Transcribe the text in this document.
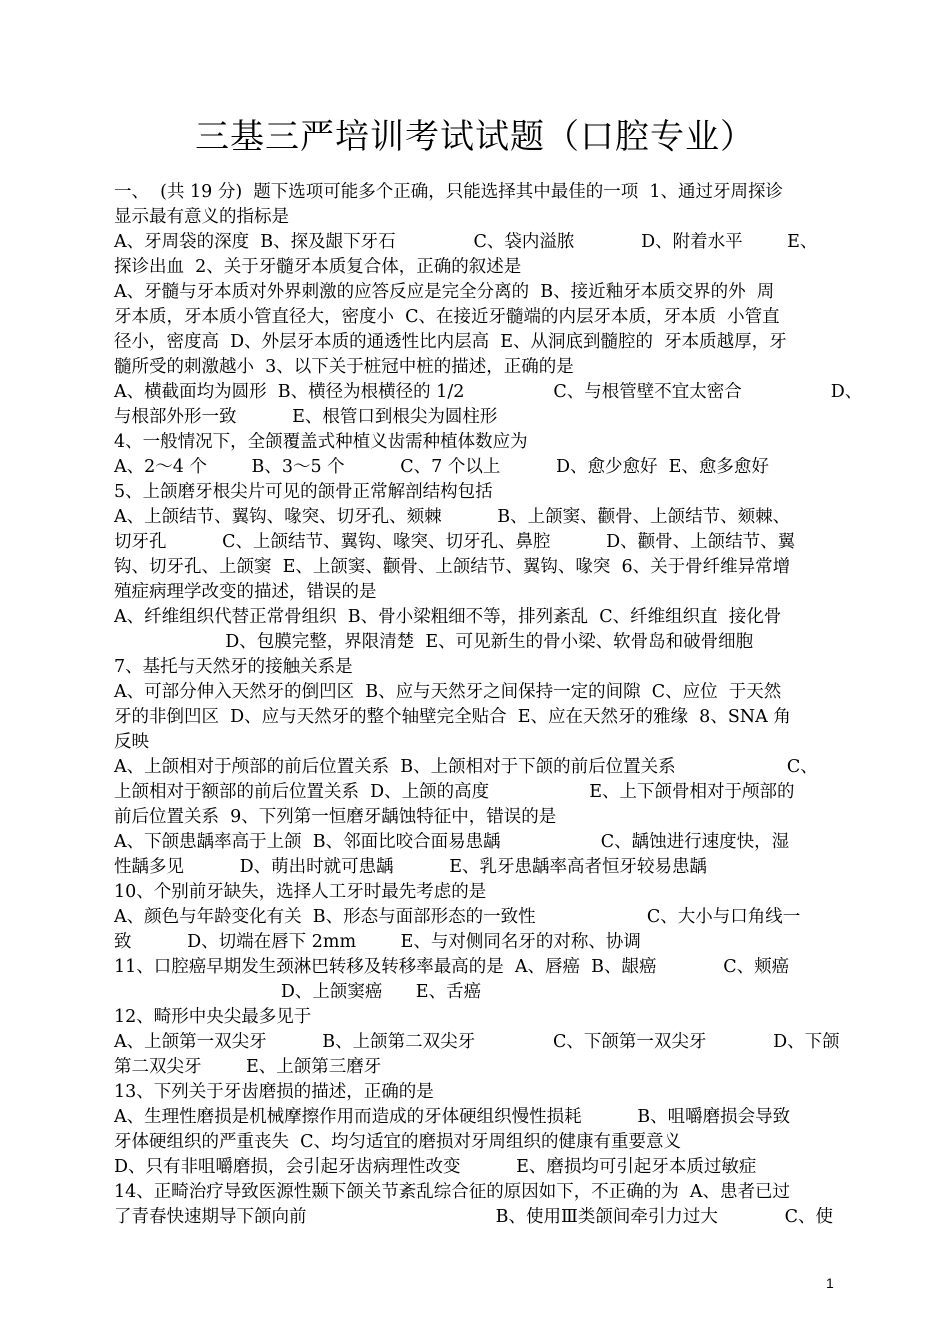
三基三严培训考试试题（口腔专业）
一、  (共 19 分)  题下选项可能多个正确，只能选择其中最佳的一项  1、通过牙周探诊
显示最有意义的指标是
A、牙周袋的深度  B、探及龈下牙石              C、袋内溢脓            D、附着水平        E、
探诊出血  2、关于牙髓牙本质复合体，正确的叙述是
A、牙髓与牙本质对外界刺激的应答反应是完全分离的  B、接近釉牙本质交界的外  周
牙本质，牙本质小管直径大，密度小  C、在接近牙髓端的内层牙本质，牙本质  小管直
径小，密度高  D、外层牙本质的通透性比内层高  E、从洞底到髓腔的  牙本质越厚，牙
髓所受的刺激越小  3、以下关于桩冠中桩的描述，正确的是
A、横截面均为圆形  B、横径为根横径的 1/2                C、与根管壁不宜太密合                D、
与根部外形一致          E、根管口到根尖为圆柱形
4、一般情况下，全颌覆盖式种植义齿需种植体数应为
A、2～4 个        B、3～5 个          C、7 个以上          D、愈少愈好  E、愈多愈好
5、上颌磨牙根尖片可见的颌骨正常解剖结构包括
A、上颌结节、翼钩、喙突、切牙孔、颏棘          B、上颌窦、颧骨、上颌结节、颏棘、
切牙孔          C、上颌结节、翼钩、喙突、切牙孔、鼻腔          D、颧骨、上颌结节、翼
钩、切牙孔、上颌窦  E、上颌窦、颧骨、上颌结节、翼钩、喙突  6、关于骨纤维异常增
殖症病理学改变的描述，错误的是
A、纤维组织代替正常骨组织  B、骨小梁粗细不等，排列紊乱  C、纤维组织直  接化骨
D、包膜完整，界限清楚  E、可见新生的骨小梁、软骨岛和破骨细胞
7、基托与天然牙的接触关系是
A、可部分伸入天然牙的倒凹区  B、应与天然牙之间保持一定的间隙  C、应位  于天然
牙的非倒凹区  D、应与天然牙的整个轴壁完全贴合  E、应在天然牙的雅缘  8、SNA 角
反映
A、上颌相对于颅部的前后位置关系  B、上颌相对于下颌的前后位置关系                    C、
上颌相对于额部的前后位置关系  D、上颌的高度                  E、上下颌骨相对于颅部的
前后位置关系  9、下列第一恒磨牙龋蚀特征中，错误的是
A、下颌患龋率高于上颌  B、邻面比咬合面易患龋                  C、龋蚀进行速度快，湿
性龋多见          D、萌出时就可患龋          E、乳牙患龋率高者恒牙较易患龋
10、个别前牙缺失，选择人工牙时最先考虑的是
A、颜色与年龄变化有关  B、形态与面部形态的一致性                    C、大小与口角线一
致          D、切端在唇下 2mm        E、与对侧同名牙的对称、协调
11、口腔癌早期发生颈淋巴转移及转移率最高的是  A、唇癌  B、龈癌            C、颊癌
D、上颌窦癌      E、舌癌
12、畸形中央尖最多见于
A、上颌第一双尖牙          B、上颌第二双尖牙              C、下颌第一双尖牙            D、下颌
第二双尖牙        E、上颌第三磨牙
13、下列关于牙齿磨损的描述，正确的是
A、生理性磨损是机械摩擦作用而造成的牙体硬组织慢性损耗          B、咀嚼磨损会导致
牙体硬组织的严重丧失  C、均匀适宜的磨损对牙周组织的健康有重要意义
D、只有非咀嚼磨损，会引起牙齿病理性改变          E、磨损均可引起牙本质过敏症
14、正畸治疗导致医源性颞下颌关节紊乱综合征的原因如下，不正确的为  A、患者已过
了青春快速期导下颌向前                                  B、使用Ⅲ类颌间牵引力过大            C、使
1
